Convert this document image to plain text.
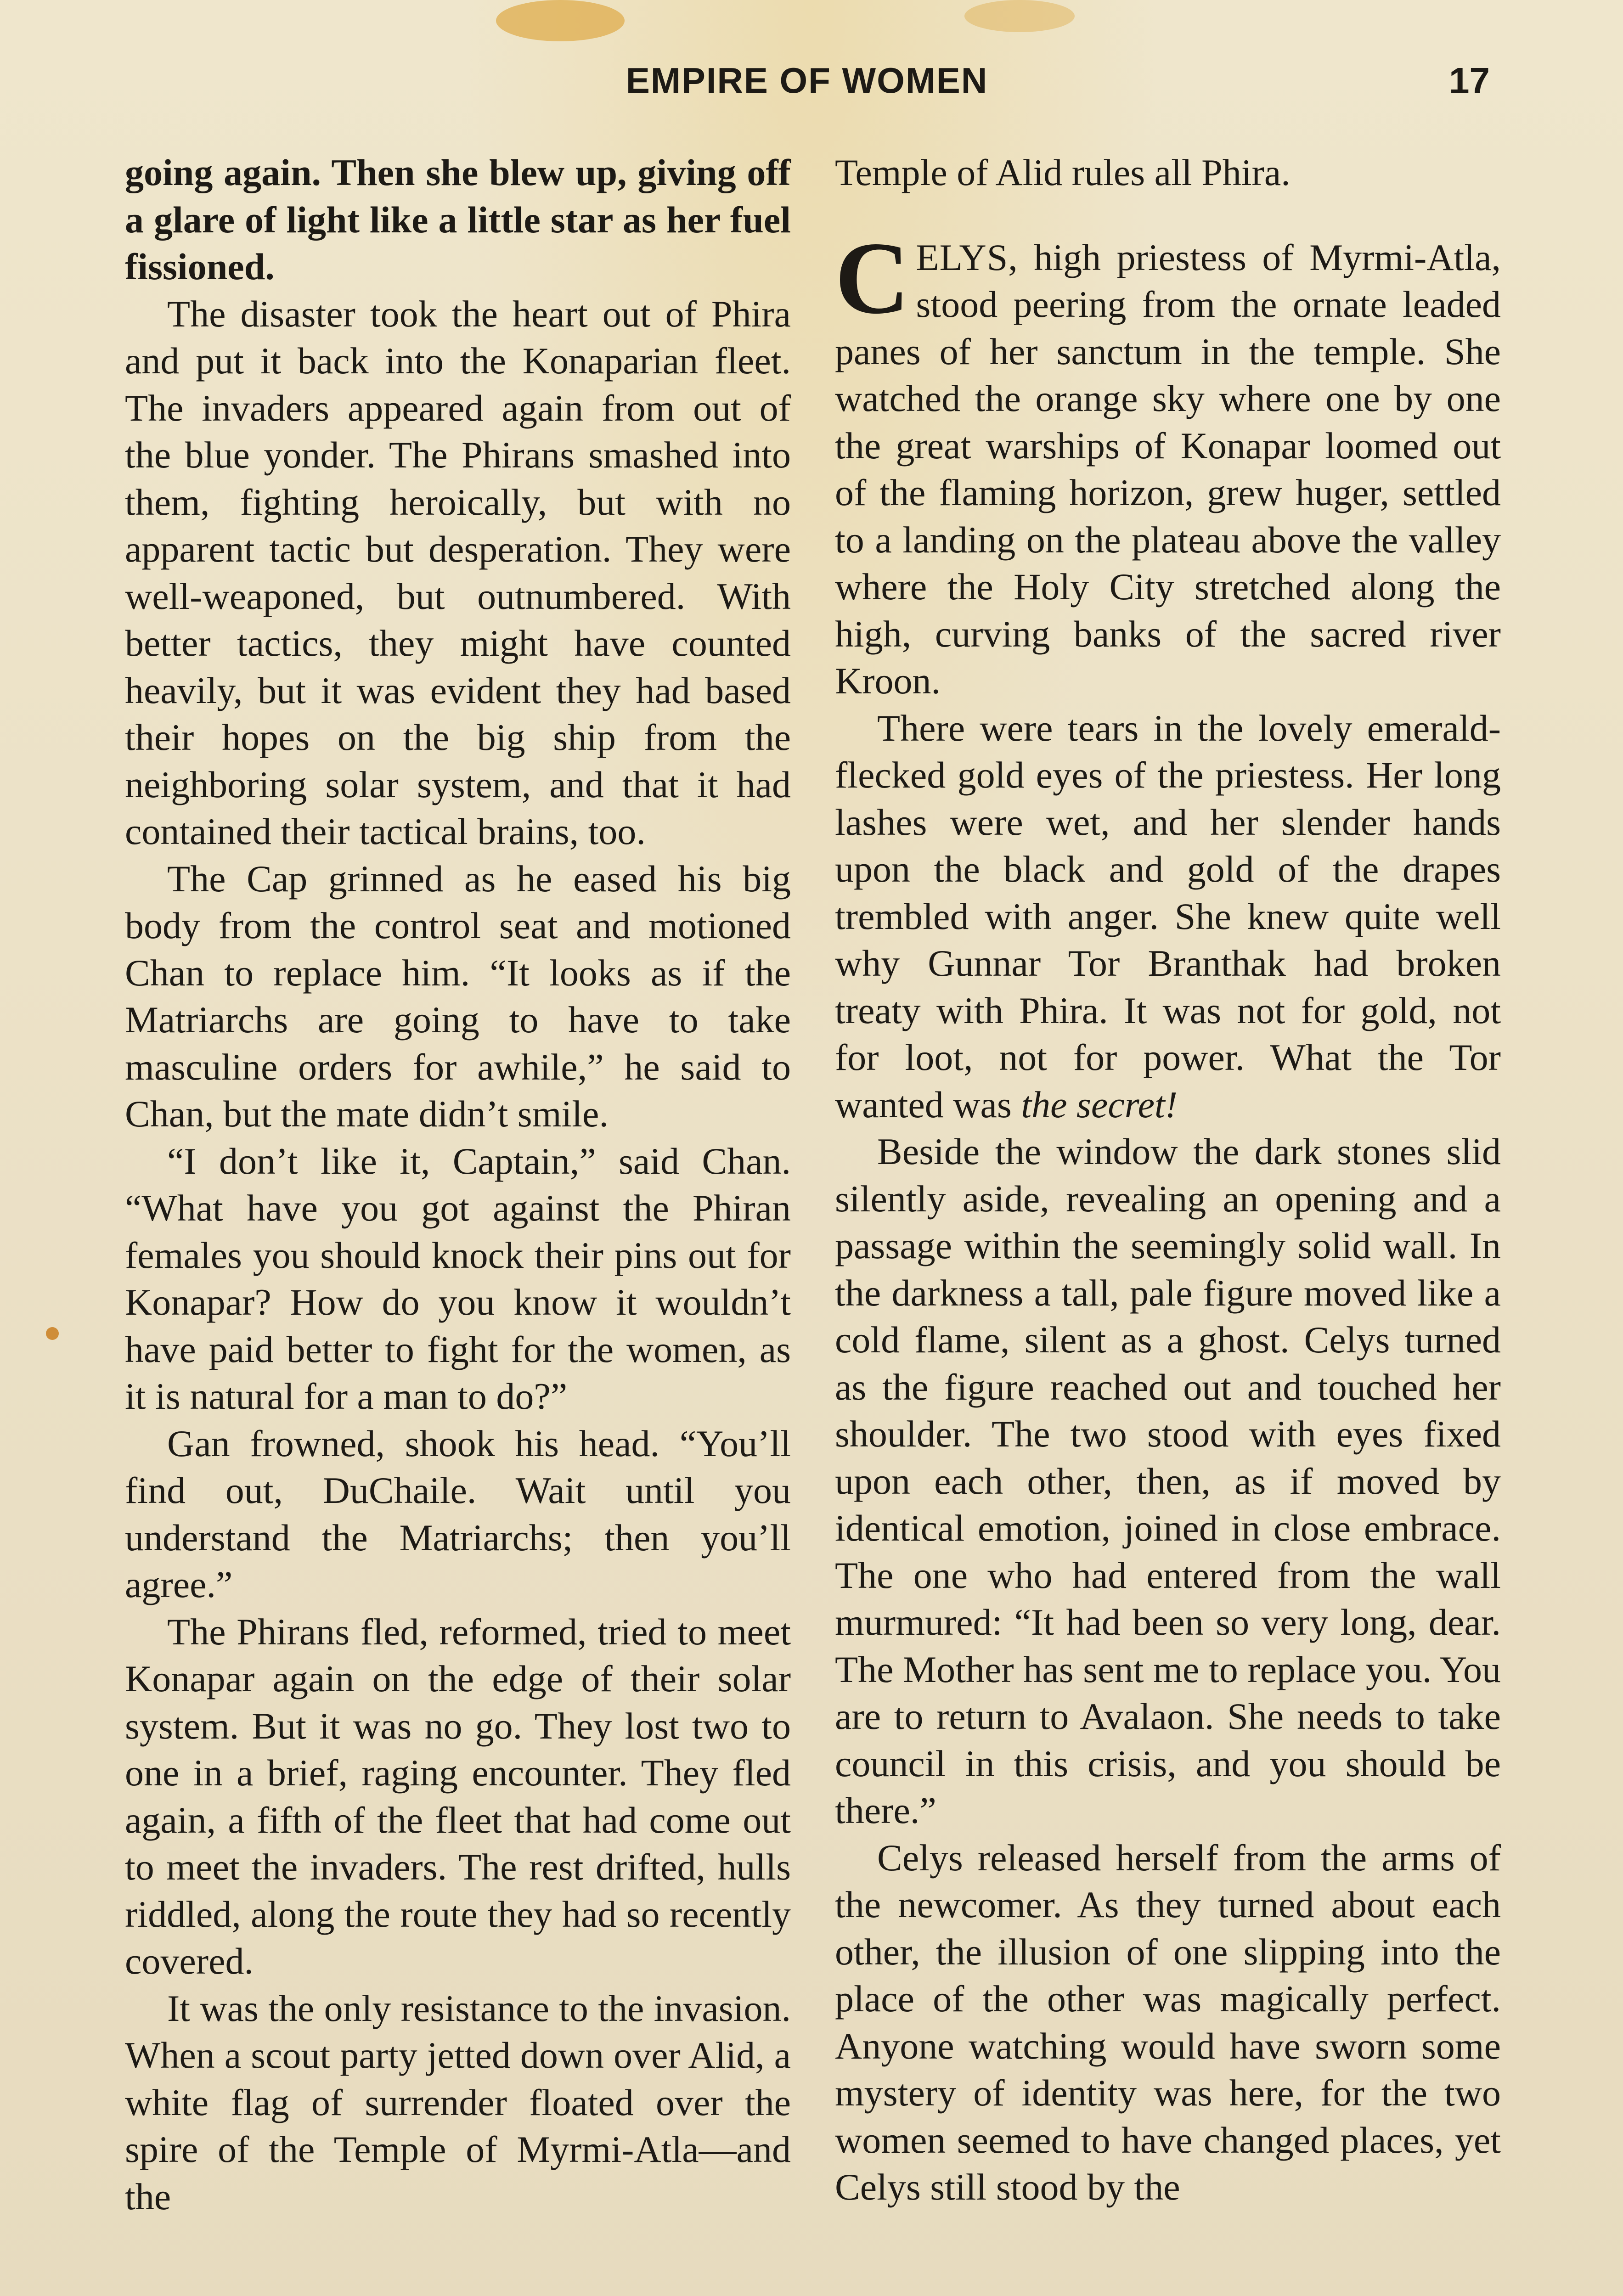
EMPIRE OF WOMEN	17

going again. Then she blew up, giving off a glare of light like a little star as her fuel fissioned.

The disaster took the heart out of Phira and put it back into the Konaparian fleet. The invaders appeared again from out of the blue yonder. The Phirans smashed into them, fighting heroically, but with no apparent tactic but desperation. They were well-weaponed, but outnumbered. With better tactics, they might have counted heavily, but it was evident they had based their hopes on the big ship from the neighboring solar system, and that it had contained their tactical brains, too.

The Cap grinned as he eased his big body from the control seat and motioned Chan to replace him. “It looks as if the Matriarchs are going to have to take masculine orders for awhile,” he said to Chan, but the mate didn’t smile.

“I don’t like it, Captain,” said Chan. “What have you got against the Phiran females you should knock their pins out for Konapar? How do you know it wouldn’t have paid better to fight for the women, as it is natural for a man to do?”

Gan frowned, shook his head. “You’ll find out, DuChaile. Wait until you understand the Matriarchs; then you’ll agree.”

The Phirans fled, reformed, tried to meet Konapar again on the edge of their solar system. But it was no go. They lost two to one in a brief, raging encounter. They fled again, a fifth of the fleet that had come out to meet the invaders. The rest drifted, hulls riddled, along the route they had so recently covered.

It was the only resistance to the invasion. When a scout party jetted down over Alid, a white flag of surrender floated over the spire of the Temple of Myrmi-Atla—and the

Temple of Alid rules all Phira.

CELYS, high priestess of Myrmi-Atla, stood peering from the ornate leaded panes of her sanctum in the temple. She watched the orange sky where one by one the great warships of Konapar loomed out of the flaming horizon, grew huger, settled to a landing on the plateau above the valley where the Holy City stretched along the high, curving banks of the sacred river Kroon.

There were tears in the lovely emerald-flecked gold eyes of the priestess. Her long lashes were wet, and her slender hands upon the black and gold of the drapes trembled with anger. She knew quite well why Gunnar Tor Branthak had broken treaty with Phira. It was not for gold, not for loot, not for power. What the Tor wanted was the secret!

Beside the window the dark stones slid silently aside, revealing an opening and a passage within the seemingly solid wall. In the darkness a tall, pale figure moved like a cold flame, silent as a ghost. Celys turned as the figure reached out and touched her shoulder. The two stood with eyes fixed upon each other, then, as if moved by identical emotion, joined in close embrace. The one who had entered from the wall murmured: “It had been so very long, dear. The Mother has sent me to replace you. You are to return to Avalaon. She needs to take council in this crisis, and you should be there.”

Celys released herself from the arms of the newcomer. As they turned about each other, the illusion of one slipping into the place of the other was magically perfect. Anyone watching would have sworn some mystery of identity was here, for the two women seemed to have changed places, yet Celys still stood by the
